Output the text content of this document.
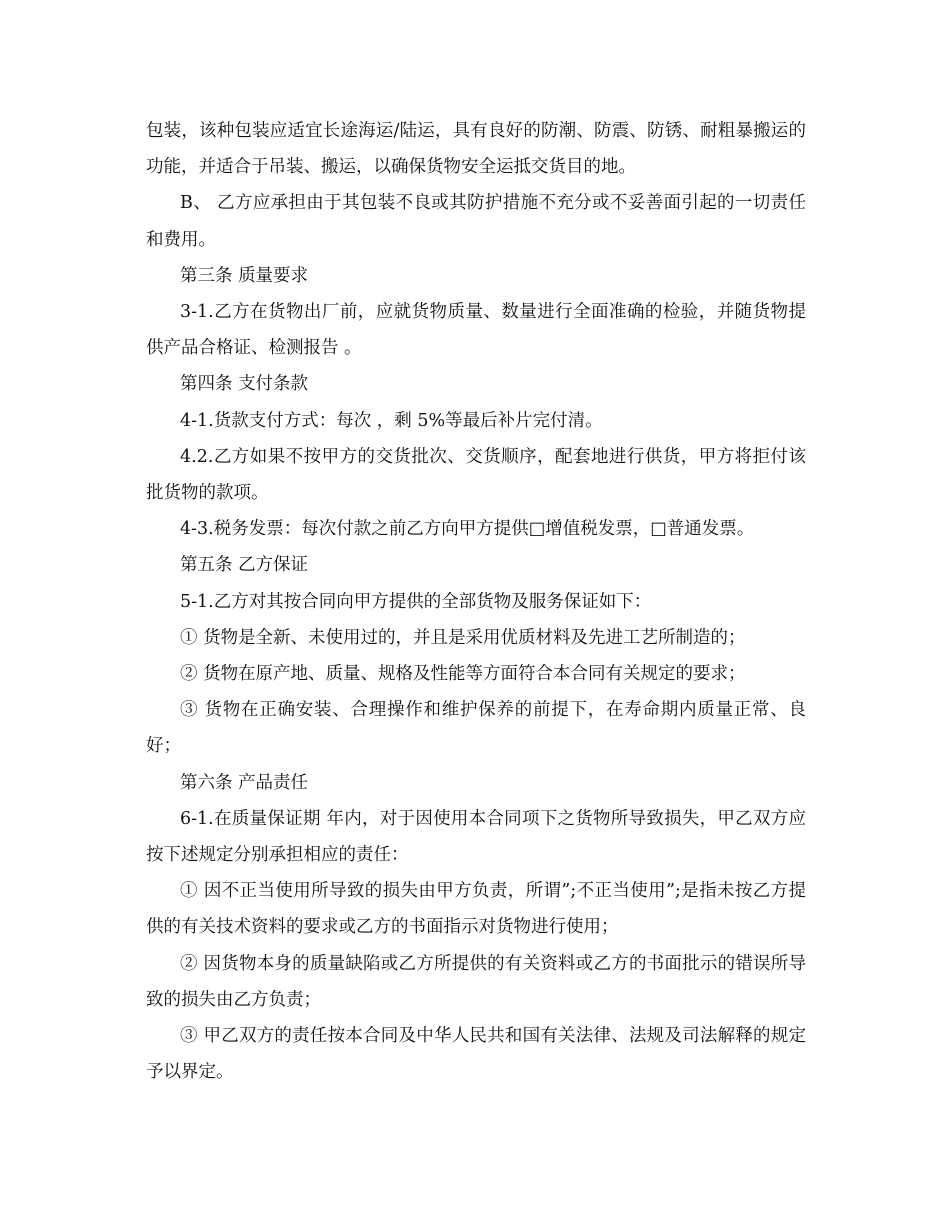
包装，该种包装应适宜长途海运/陆运，具有良好的防潮、防震、防锈、耐粗暴搬运的功能，并适合于吊装、搬运，以确保货物安全运抵交货目的地。

B、 乙方应承担由于其包装不良或其防护措施不充分或不妥善面引起的一切责任和费用。

第三条 质量要求

3-1.乙方在货物出厂前，应就货物质量、数量进行全面准确的检验，并随货物提供产品合格证、检测报告 。

第四条 支付条款

4-1.货款支付方式：每次 ，剩 5%等最后补片完付清。

4.2.乙方如果不按甲方的交货批次、交货顺序，配套地进行供货，甲方将拒付该批货物的款项。

4-3.税务发票：每次付款之前乙方向甲方提供□增值税发票，□普通发票。

第五条 乙方保证

5-1.乙方对其按合同向甲方提供的全部货物及服务保证如下：

① 货物是全新、未使用过的，并且是采用优质材料及先进工艺所制造的；

② 货物在原产地、质量、规格及性能等方面符合本合同有关规定的要求；

③ 货物在正确安装、合理操作和维护保养的前提下，在寿命期内质量正常、良好；

第六条 产品责任

6-1.在质量保证期 年内，对于因使用本合同项下之货物所导致损失，甲乙双方应按下述规定分别承担相应的责任：

① 因不正当使用所导致的损失由甲方负责，所谓”;不正当使用”;是指未按乙方提供的有关技术资料的要求或乙方的书面指示对货物进行使用；

② 因货物本身的质量缺陷或乙方所提供的有关资料或乙方的书面批示的错误所导致的损失由乙方负责；

③ 甲乙双方的责任按本合同及中华人民共和国有关法律、法规及司法解释的规定予以界定。
